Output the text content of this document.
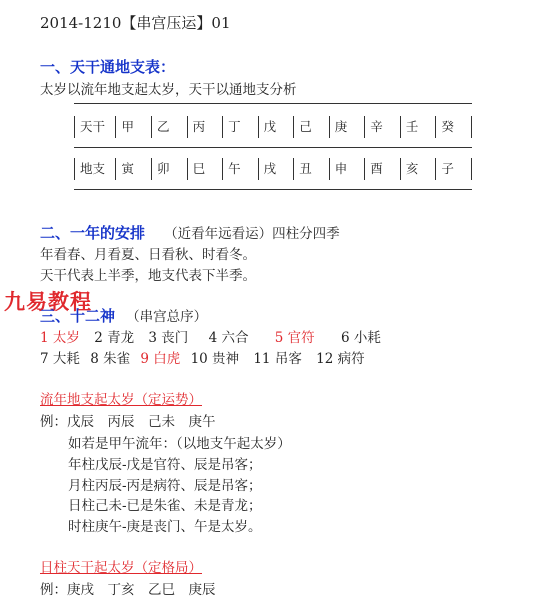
2014-1210【串宫压运】01
一、天干通地支表：
太岁以流年地支起太岁，天干以通地支分析
天干	甲	乙	丙	丁	戊	己	庚	辛	壬	癸
地支	寅	卯	巳	午	戌	丑	申	酉	亥	子
二、一年的安排 （近看年远看运）四柱分四季
年看春、月看夏、日看秋、时看冬。
天干代表上半季，地支代表下半季。
九易教程
三、十二神 （串宫总序）
1 太岁 2 青龙 3 丧门 4 六合 5 官符 6 小耗
7 大耗 8 朱雀 9 白虎 10 贵神 11 吊客 12 病符
流年地支起太岁（定运势）
例：戊辰　丙辰　己未　庚午
如若是甲午流年：（以地支午起太岁）
年柱戊辰-戊是官符、辰是吊客；
月柱丙辰-丙是病符、辰是吊客；
日柱己未-已是朱雀、未是青龙；
时柱庚午-庚是丧门、午是太岁。
日柱天干起太岁（定格局）
例：庚戌　丁亥　乙巳　庚辰
